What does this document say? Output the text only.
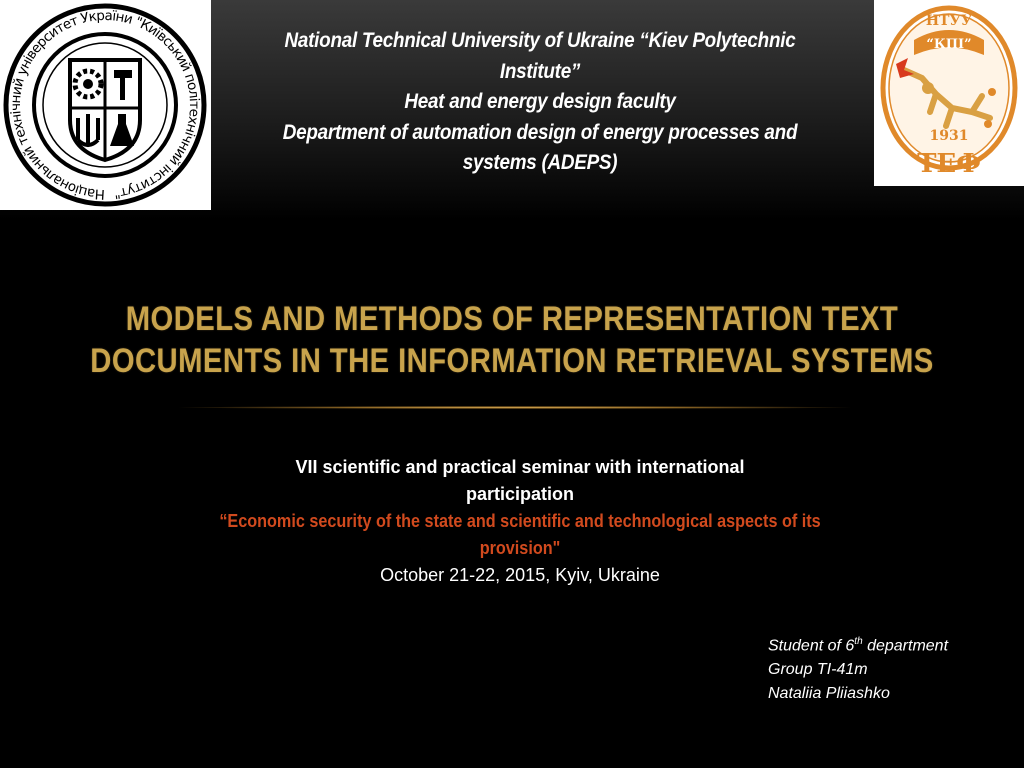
Національний технічний університет України "Київський політехнічний інститут"
НТУУ
“КПІ”
1931
ТЕФ
National Technical University of Ukraine “Kiev Polytechnic Institute”
Heat and energy design faculty
Department of automation design of energy processes and systems (ADEPS)
MODELS AND METHODS OF REPRESENTATION TEXT
DOCUMENTS IN THE INFORMATION RETRIEVAL SYSTEMS
VII scientific and practical seminar with international
participation
“Economic security of the state and scientific and technological aspects of its
provision"
October 21-22, 2015, Kyiv, Ukraine
Student of 6th department
Group TI-41m
Nataliia Pliiashko
